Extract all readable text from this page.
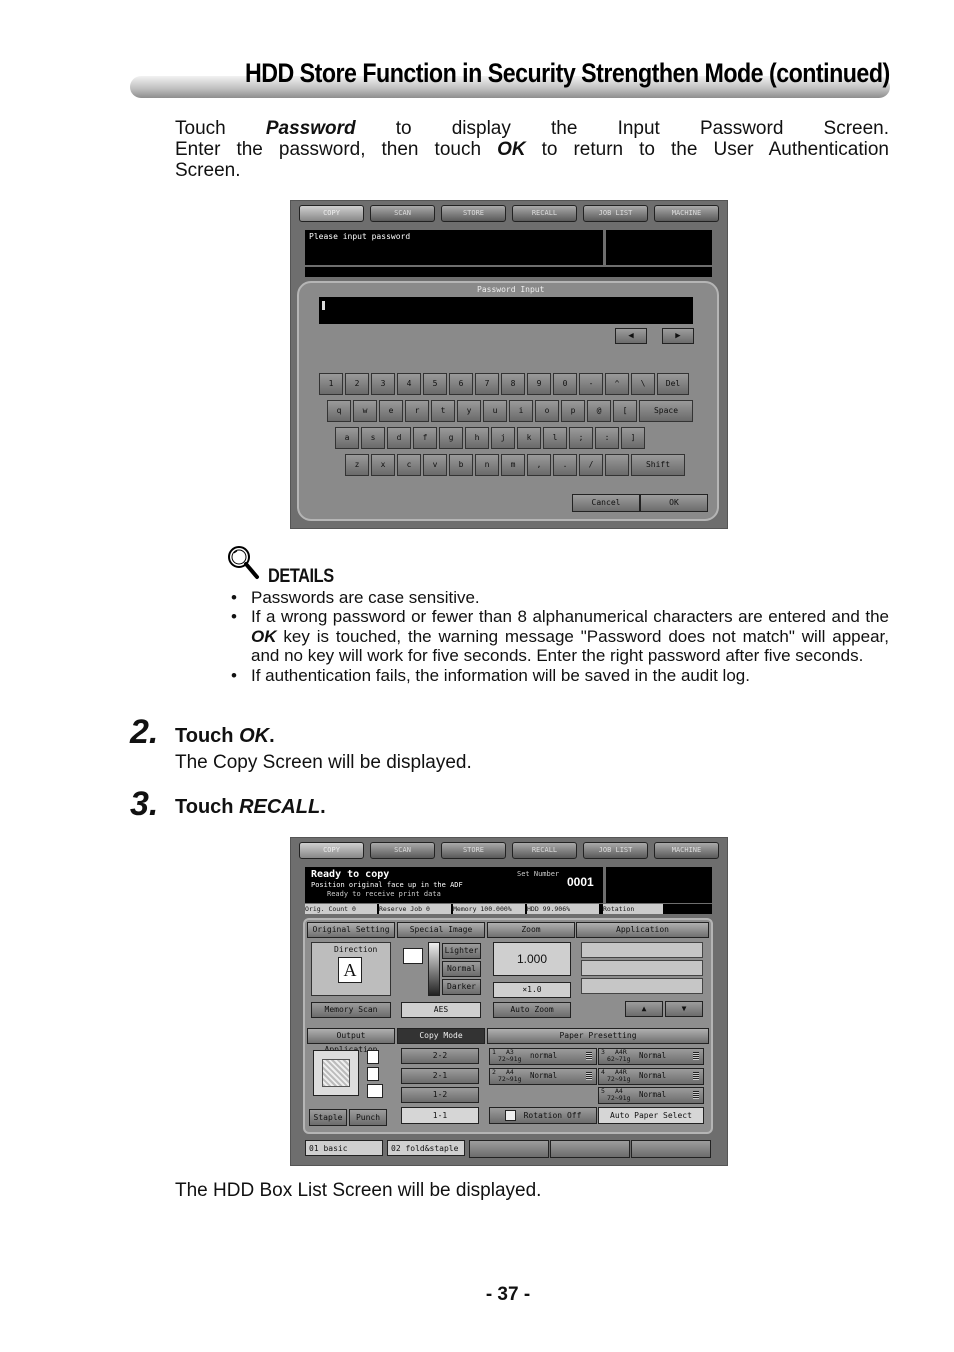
HDD Store Function in Security Strengthen Mode (continued)
Touch Password to display the Input Password Screen.
Enter the password, then touch OK to return to the User Authentication
Screen.
COPY	SCAN	STORE	RECALL	JOB LIST	MACHINE
Please input password
Password Input
◀	▶
1	2	3	4	5	6	7	8	9	0	-	^	\	Del
q	w	e	r	t	y	u	i	o	p	@	[	Space
a	s	d	f	g	h	j	k	l	;	:	]
z	x	c	v	b	n	m	,	.	/	Shift
Cancel	OK
DETAILS
• Passwords are case sensitive.
• If a wrong password or fewer than 8 alphanumerical characters are entered and the OK key is touched, the warning message "Password does not match" will appear, and no key will work for five seconds. Enter the right password after five seconds.
• If authentication fails, the information will be saved in the audit log.
2. Touch OK.
The Copy Screen will be displayed.
3. Touch RECALL.
COPY	SCAN	STORE	RECALL	JOB LIST	MACHINE
Ready to copy
Position original face up in the ADF
Ready to receive print data
Set Number
0001
Orig. Count 0	Reserve Job 0	Memory 100.000%	HDD 99.906%	Rotation
Original Setting	Special Image	Zoom	Application
Direction
A
Memory Scan
Lighter
Normal
Darker
AES
1.000
×1.0
Auto Zoom	▲	▼
Output	Copy Mode	Paper Presetting
Staple	Punch
2-2
2-1
1-2
1-1
1 A3
72~91g normal	3 A4R
62~71g Normal
2 A4
72~91g Normal	4 A4R
72~91g Normal
5 A4
72~91g Normal
Rotation Off	Auto Paper Select
01 basic	02 fold&staple
The HDD Box List Screen will be displayed.
- 37 -
